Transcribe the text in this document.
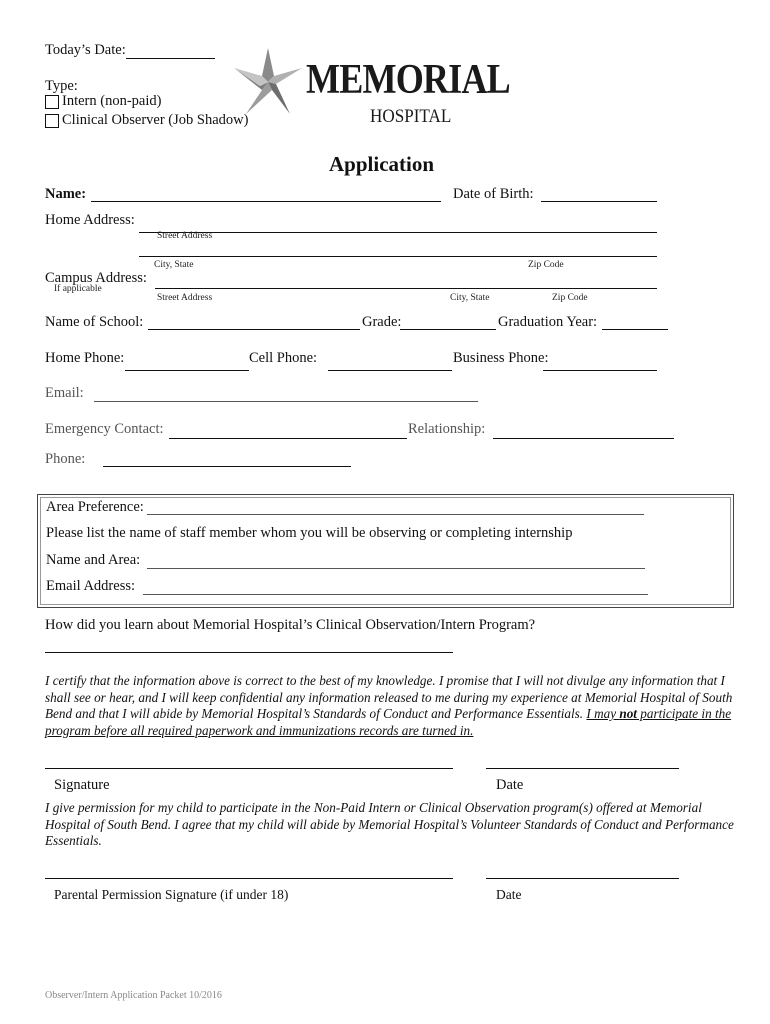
Today’s Date:
Type:
Intern (non-paid)
Clinical Observer (Job Shadow)
MEMORIAL
HOSPITAL
Application
Name:	Date of Birth:
Home Address:
Street Address
City, State	Zip Code
Campus Address:
If applicable
Street Address	City, State	Zip Code
Name of School:	Grade:	Graduation Year:
Home Phone:	Cell Phone:	Business Phone:
Email:
Emergency Contact:	Relationship:
Phone:
Area Preference:
Please list the name of staff member whom you will be observing or completing internship
Name and Area:
Email Address:
How did you learn about Memorial Hospital’s Clinical Observation/Intern Program?
I certify that the information above is correct to the best of my knowledge. I promise that I will not divulge any information that I shall see or hear, and I will keep confidential any information released to me during my experience at Memorial Hospital of South Bend and that I will abide by Memorial Hospital’s Standards of Conduct and Performance Essentials. I may not participate in the program before all required paperwork and immunizations records are turned in.
Signature	Date
I give permission for my child to participate in the Non-Paid Intern or Clinical Observation program(s) offered at Memorial Hospital of South Bend. I agree that my child will abide by Memorial Hospital’s Volunteer Standards of Conduct and Performance Essentials.
Parental Permission Signature (if under 18)	Date
Observer/Intern Application Packet 10/2016
